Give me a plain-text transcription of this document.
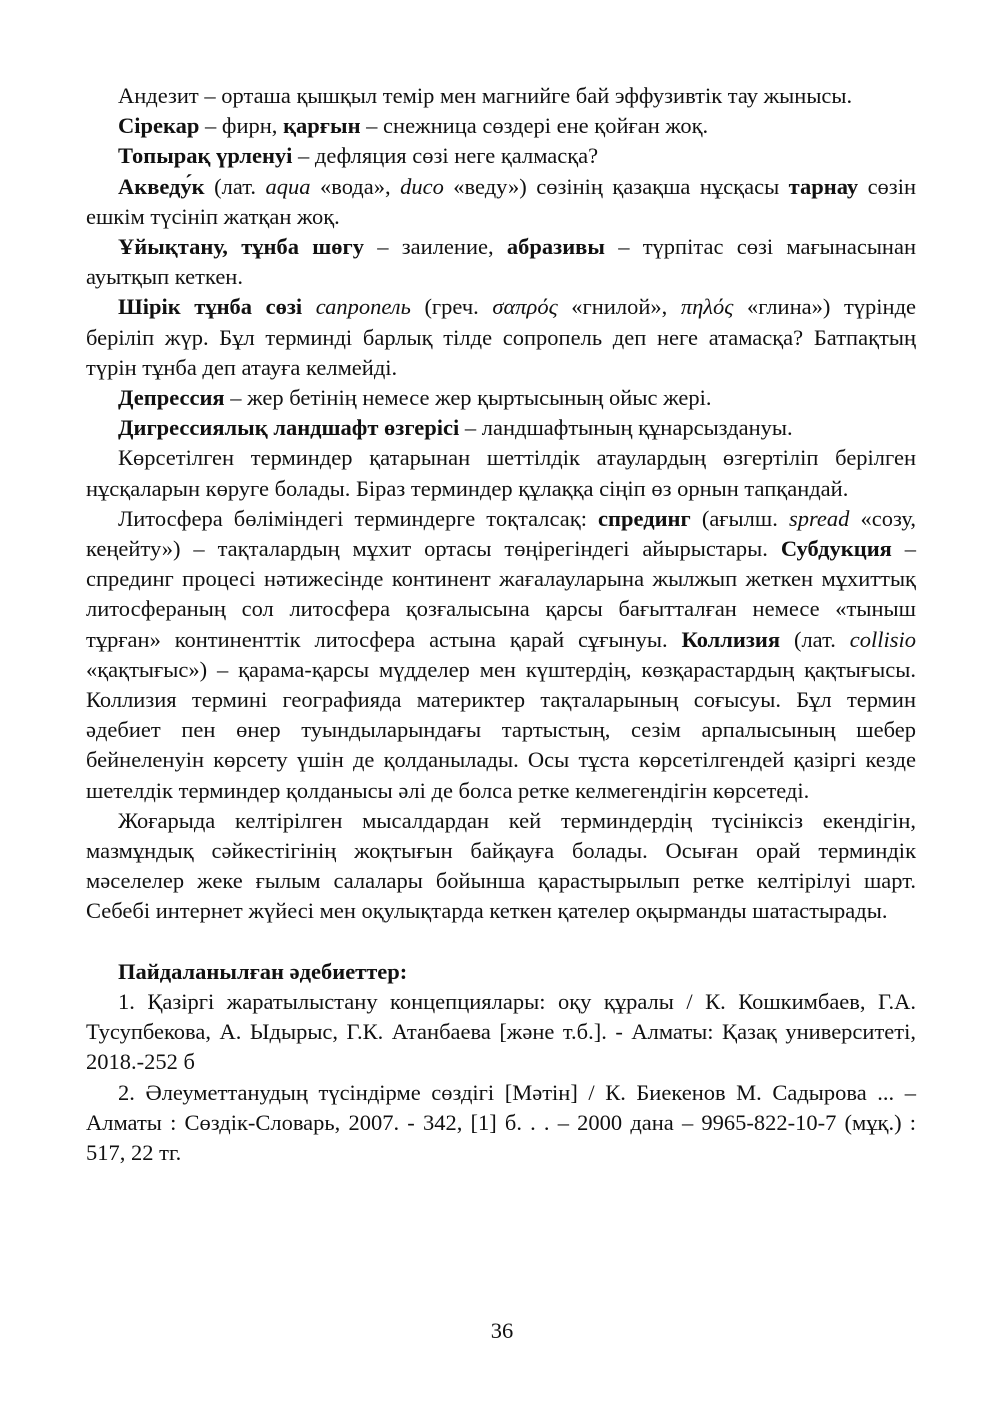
Андезит – орташа қышқыл темір мен магнийге бай эффузивтік тау жынысы.

Сірекар – фирн, қарғын – снежница сөздері ене қойған жоқ.

Топырақ үрленуі – дефляция сөзі неге қалмасқа?

Акведу́к (лат. aqua «вода», duco «веду») сөзінің қазақша нұсқасы тарнау сөзін ешкім түсініп жатқан жоқ.

Ұйықтану, тұнба шөгу – заиление, абразивы – түрпітас сөзі мағынасынан ауытқып кеткен.

Шірік тұнба сөзі сапропель (греч. σαπρός «гнилой», πηλός «глина») түрінде беріліп жүр. Бұл терминді барлық тілде сопропель деп неге атамасқа? Батпақтың түрін тұнба деп атауға келмейді.

Депрессия – жер бетінің немесе жер қыртысының ойыс жері.

Дигрессиялық ландшафт өзгерісі – ландшафтының құнарсыздануы.

Көрсетілген терминдер қатарынан шеттілдік атаулардың өзгертіліп берілген нұсқаларын көруге болады. Біраз терминдер құлаққа сіңіп өз орнын тапқандай.

Литосфера бөліміндегі терминдерге тоқталсақ: спрединг (ағылш. spread «созу, кеңейту») – тақталардың мұхит ортасы төңірегіндегі айырыстары. Субдукция – спрединг процесі нәтижесінде континент жағалауларына жылжып жеткен мұхиттық литосфераның сол литосфера қозғалысына қарсы бағытталған немесе «тыныш тұрған» континенттік литосфера астына қарай сұғынуы. Коллизия (лат. collisio «қақтығыс») – қарама-қарсы мүдделер мен күштердің, көзқарастардың қақтығысы. Коллизия термині географияда материктер тақталарының соғысуы. Бұл термин әдебиет пен өнер туындыларындағы тартыстың, сезім арпалысының шебер бейнеленуін көрсету үшін де қолданылады. Осы тұста көрсетілгендей қазіргі кезде шетелдік терминдер қолданысы әлі де болса ретке келмегендігін көрсетеді.

Жоғарыда келтірілген мысалдардан кей терминдердің түсініксіз екендігін, мазмұндық сәйкестігінің жоқтығын байқауға болады. Осыған орай терминдік мәселелер жеке ғылым салалары бойынша қарастырылып ретке келтірілуі шарт. Себебі интернет жүйесі мен оқулықтарда кеткен қателер оқырманды шатастырады.

Пайдаланылған әдебиеттер:

1. Қазіргі жаратылыстану концепциялары: оқу құралы / К. Кошкимбаев, Г.А. Тусупбекова, А. Ыдырыс, Г.К. Атанбаева [және т.б.]. - Алматы: Қазақ университеті, 2018.-252 б

2. Әлеуметтанудың түсіндірме сөздігі [Мәтін] / К. Биекенов М. Садырова ... – Алматы : Сөздік-Словарь, 2007. - 342, [1] б. . . – 2000 дана – 9965-822-10-7 (мұқ.) : 517, 22 тг.

36
